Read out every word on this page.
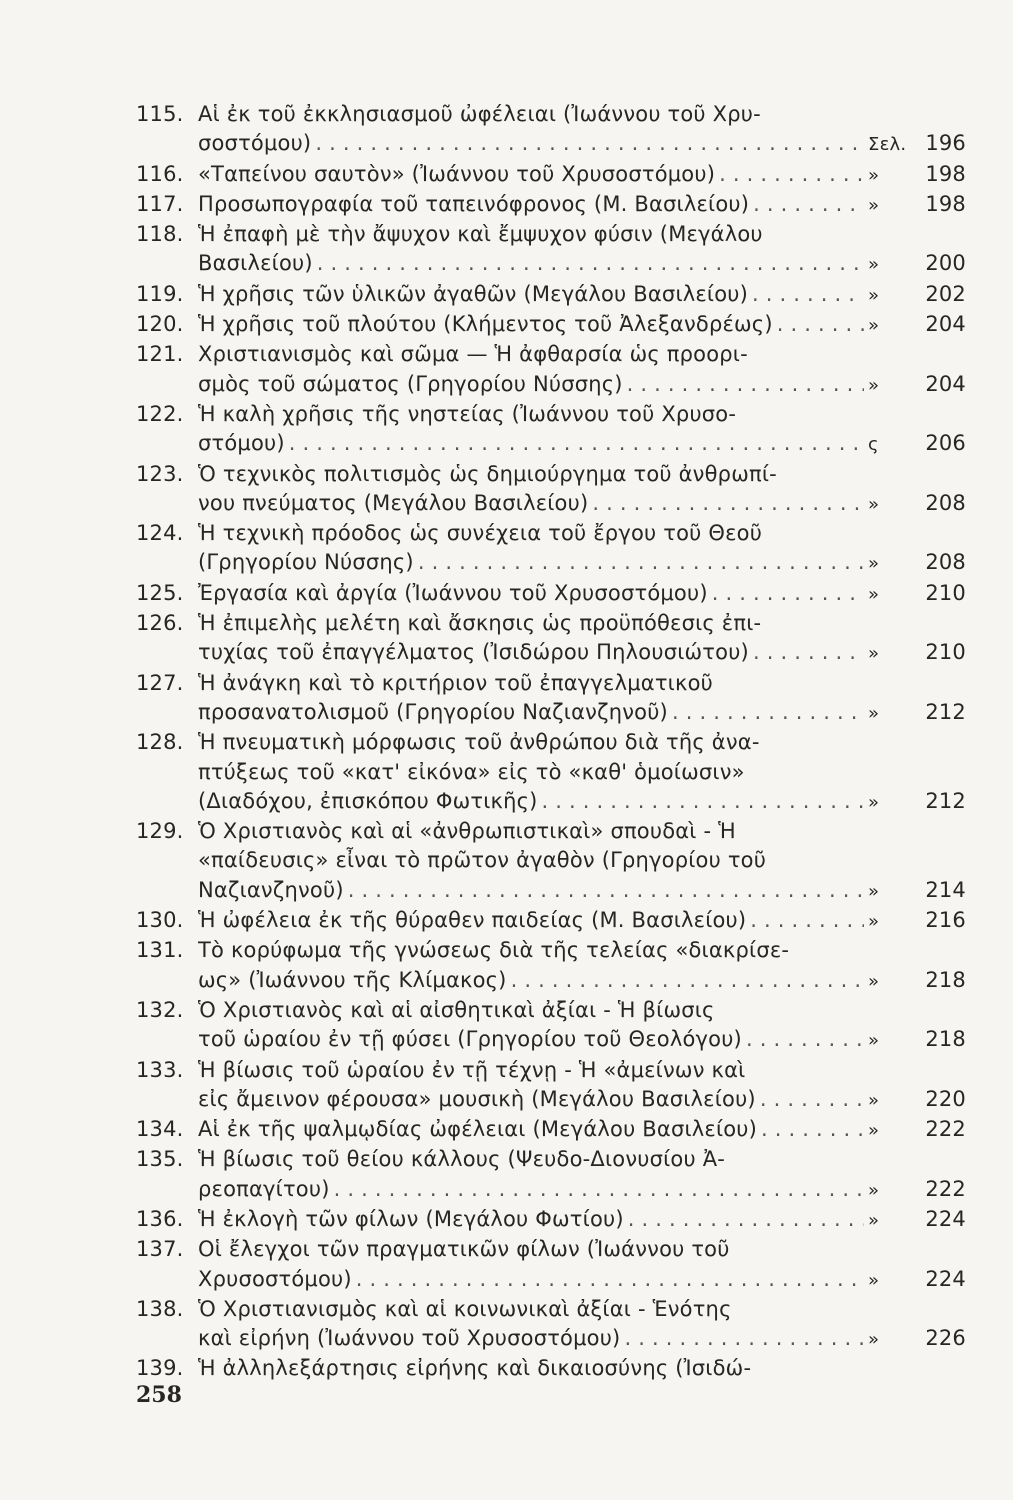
115. Αἱ ἐκ τοῦ ἐκκλησιασμοῦ ὠφέλειαι (Ἰωάννου τοῦ Χρυ-
σοστόμου) . . .	Σελ. 196
116. «Ταπείνου σαυτὸν» (Ἰωάννου τοῦ Χρυσοστόμου) . . .	»	198
117. Προσωπογραφία τοῦ ταπεινόφρονος (Μ. Βασιλείου) . . .	»	198
118. Ἡ ἐπαφὴ μὲ τὴν ἄψυχον καὶ ἔμψυχον φύσιν (Μεγάλου
Βασιλείου) . . .	»	200
119. Ἡ χρῆσις τῶν ὑλικῶν ἀγαθῶν (Μεγάλου Βασιλείου) . . .	»	202
120. Ἡ χρῆσις τοῦ πλούτου (Κλήμεντος τοῦ Ἀλεξανδρέως) . . .	»	204
121. Χριστιανισμὸς καὶ σῶμα — Ἡ ἀφθαρσία ὡς προορι-
σμὸς τοῦ σώματος (Γρηγορίου Νύσσης) . . .	»	204
122. Ἡ καλὴ χρῆσις τῆς νηστείας (Ἰωάννου τοῦ Χρυσο-
στόμου) . . .	ς	206
123. Ὁ τεχνικὸς πολιτισμὸς ὡς δημιούργημα τοῦ ἀνθρωπί-
νου πνεύματος (Μεγάλου Βασιλείου) . . .	»	208
124. Ἡ τεχνικὴ πρόοδος ὡς συνέχεια τοῦ ἔργου τοῦ Θεοῦ
(Γρηγορίου Νύσσης) . . .	»	208
125. Ἐργασία καὶ ἀργία (Ἰωάννου τοῦ Χρυσοστόμου) . . .	»	210
126. Ἡ ἐπιμελὴς μελέτη καὶ ἄσκησις ὡς προϋπόθεσις ἐπι-
τυχίας τοῦ ἐπαγγέλματος (Ἰσιδώρου Πηλουσιώτου) . . .	»	210
127. Ἡ ἀνάγκη καὶ τὸ κριτήριον τοῦ ἐπαγγελματικοῦ
προσανατολισμοῦ (Γρηγορίου Ναζιανζηνοῦ) . . .	»	212
128. Ἡ πνευματικὴ μόρφωσις τοῦ ἀνθρώπου διὰ τῆς ἀνα-
πτύξεως τοῦ «κατ' εἰκόνα» εἰς τὸ «καθ' ὁμοίωσιν»
(Διαδόχου, ἐπισκόπου Φωτικῆς) . . .	»	212
129. Ὁ Χριστιανὸς καὶ αἱ «ἀνθρωπιστικαὶ» σπουδαὶ - Ἡ
«παίδευσις» εἶναι τὸ πρῶτον ἀγαθὸν (Γρηγορίου τοῦ
Ναζιανζηνοῦ) . . .	»	214
130. Ἡ ὠφέλεια ἐκ τῆς θύραθεν παιδείας (Μ. Βασιλείου) . . .	»	216
131. Τὸ κορύφωμα τῆς γνώσεως διὰ τῆς τελείας «διακρίσε-
ως» (Ἰωάννου τῆς Κλίμακος) . . .	»	218
132. Ὁ Χριστιανὸς καὶ αἱ αἰσθητικαὶ ἀξίαι - Ἡ βίωσις
τοῦ ὡραίου ἐν τῇ φύσει (Γρηγορίου τοῦ Θεολόγου) . . .	»	218
133. Ἡ βίωσις τοῦ ὡραίου ἐν τῇ τέχνῃ - Ἡ «ἀμείνων καὶ
εἰς ἄμεινον φέρουσα» μουσικὴ (Μεγάλου Βασιλείου) . . .	»	220
134. Αἱ ἐκ τῆς ψαλμῳδίας ὠφέλειαι (Μεγάλου Βασιλείου) . . .	»	222
135. Ἡ βίωσις τοῦ θείου κάλλους (Ψευδο-Διονυσίου Ἀ-
ρεοπαγίτου) . . .	»	222
136. Ἡ ἐκλογὴ τῶν φίλων (Μεγάλου Φωτίου) . . .	»	224
137. Οἱ ἔλεγχοι τῶν πραγματικῶν φίλων (Ἰωάννου τοῦ
Χρυσοστόμου) . . .	»	224
138. Ὁ Χριστιανισμὸς καὶ αἱ κοινωνικαὶ ἀξίαι - Ἑνότης
καὶ εἰρήνη (Ἰωάννου τοῦ Χρυσοστόμου) . . .	»	226
139. Ἡ ἀλληλεξάρτησις εἰρήνης καὶ δικαιοσύνης (Ἰσιδώ-
258
